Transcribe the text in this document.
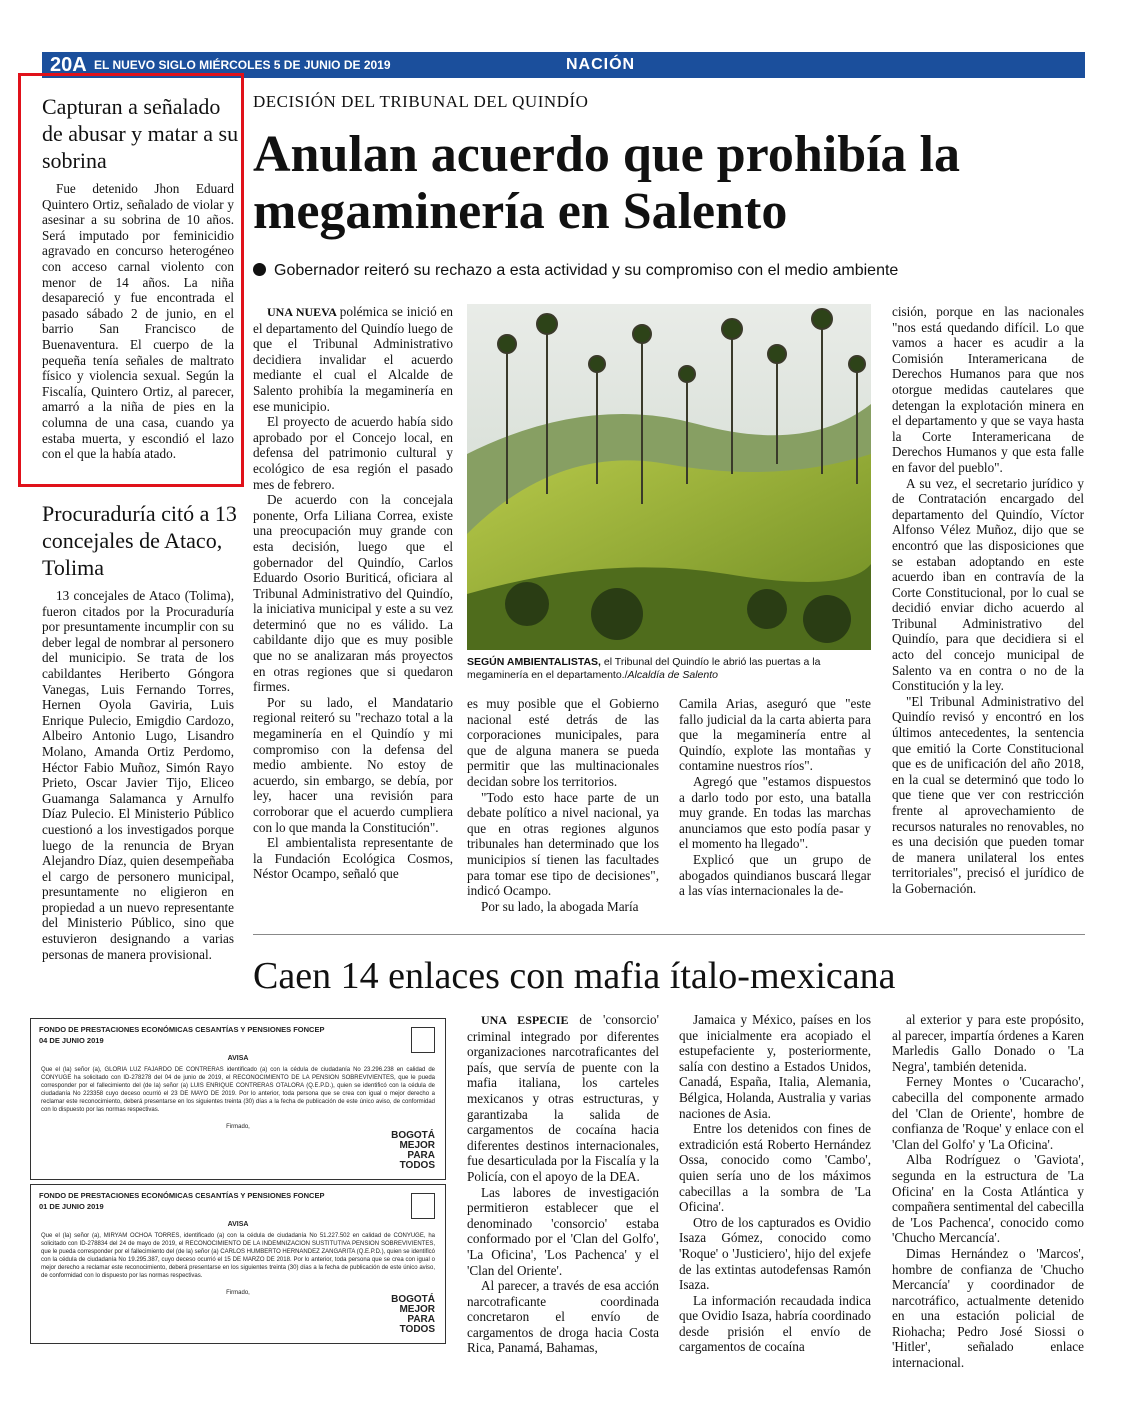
20A EL NUEVO SIGLO MIÉRCOLES 5 DE JUNIO DE 2019	NACIÓN
Capturan a señalado de abusar y matar a su sobrina

Fue detenido Jhon Eduard Quintero Ortiz, señalado de violar y asesinar a su sobrina de 10 años. Será imputado por feminicidio agravado en concurso heterogéneo con acceso carnal violento con menor de 14 años. La niña desapareció y fue encontrada el pasado sábado 2 de junio, en el barrio San Francisco de Buenaventura. El cuerpo de la pequeña tenía señales de maltrato físico y violencia sexual. Según la Fiscalía, Quintero Ortiz, al parecer, amarró a la niña de pies en la columna de una casa, cuando ya estaba muerta, y escondió el lazo con el que la había atado.

Procuraduría citó a 13 concejales de Ataco, Tolima

13 concejales de Ataco (Tolima), fueron citados por la Procuraduría por presuntamente incumplir con su deber legal de nombrar al personero del municipio. Se trata de los cabildantes Heriberto Góngora Vanegas, Luis Fernando Torres, Hernen Oyola Gaviria, Luis Enrique Pulecio, Emigdio Cardozo, Albeiro Antonio Lugo, Lisandro Molano, Amanda Ortiz Perdomo, Héctor Fabio Muñoz, Simón Rayo Prieto, Oscar Javier Tijo, Eliceo Guamanga Salamanca y Arnulfo Díaz Pulecio. El Ministerio Público cuestionó a los investigados porque luego de la renuncia de Bryan Alejandro Díaz, quien desempeñaba el cargo de personero municipal, presuntamente no eligieron en propiedad a un nuevo representante del Ministerio Público, sino que estuvieron designando a varias personas de manera provisional.

DECISIÓN DEL TRIBUNAL DEL QUINDÍO
Anulan acuerdo que prohibía la megaminería en Salento
Gobernador reiteró su rechazo a esta actividad y su compromiso con el medio ambiente

UNA NUEVA polémica se inició en el departamento del Quindío luego de que el Tribunal Administrativo decidiera invalidar el acuerdo mediante el cual el Alcalde de Salento prohibía la megaminería en ese municipio.

El proyecto de acuerdo había sido aprobado por el Concejo local, en defensa del patrimonio cultural y ecológico de esa región el pasado mes de febrero.

De acuerdo con la concejala ponente, Orfa Liliana Correa, existe una preocupación muy grande con esta decisión, luego que el gobernador del Quindío, Carlos Eduardo Osorio Buriticá, oficiara al Tribunal Administrativo del Quindío, la iniciativa municipal y este a su vez determinó que no es válido. La cabildante dijo que es muy posible que no se analizaran más proyectos en otras regiones que si quedaron firmes.

Por su lado, el Mandatario regional reiteró su "rechazo total a la megaminería en el Quindío y mi compromiso con la defensa del medio ambiente. No estoy de acuerdo, sin embargo, se debía, por ley, hacer una revisión para corroborar que el acuerdo cumpliera con lo que manda la Constitución".

El ambientalista representante de la Fundación Ecológica Cosmos, Néstor Ocampo, señaló que

SEGÚN AMBIENTALISTAS, el Tribunal del Quindío le abrió las puertas a la megaminería en el departamento./Alcaldía de Salento

es muy posible que el Gobierno nacional esté detrás de las corporaciones municipales, para que de alguna manera se pueda permitir que las multinacionales decidan sobre los territorios.

"Todo esto hace parte de un debate político a nivel nacional, ya que en otras regiones algunos tribunales han determinado que los municipios sí tienen las facultades para tomar ese tipo de decisiones", indicó Ocampo.

Por su lado, la abogada María

Camila Arias, aseguró que "este fallo judicial da la carta abierta para que la megaminería entre al Quindío, explote las montañas y contamine nuestros ríos".

Agregó que "estamos dispuestos a darlo todo por esto, una batalla muy grande. En todas las marchas anunciamos que esto podía pasar y el momento ha llegado".

Explicó que un grupo de abogados quindianos buscará llegar a las vías internacionales la de-

cisión, porque en las nacionales "nos está quedando difícil. Lo que vamos a hacer es acudir a la Comisión Interamericana de Derechos Humanos para que nos otorgue medidas cautelares que detengan la explotación minera en el departamento y que se vaya hasta la Corte Interamericana de Derechos Humanos y que esta falle en favor del pueblo".

A su vez, el secretario jurídico y de Contratación encargado del departamento del Quindío, Víctor Alfonso Vélez Muñoz, dijo que se encontró que las disposiciones que se estaban adoptando en este acuerdo iban en contravía de la Corte Constitucional, por lo cual se decidió enviar dicho acuerdo al Tribunal Administrativo del Quindío, para que decidiera si el acto del concejo municipal de Salento va en contra o no de la Constitución y la ley.

"El Tribunal Administrativo del Quindío revisó y encontró en los últimos antecedentes, la sentencia que emitió la Corte Constitucional que es de unificación del año 2018, en la cual se determinó que todo lo que tiene que ver con restricción frente al aprovechamiento de recursos naturales no renovables, no es una decisión que pueden tomar de manera unilateral los entes territoriales", precisó el jurídico de la Gobernación.

Caen 14 enlaces con mafia ítalo-mexicana

UNA ESPECIE de 'consorcio' criminal integrado por diferentes organizaciones narcotraficantes del país, que servía de puente con la mafia italiana, los carteles mexicanos y otras estructuras, y garantizaba la salida de cargamentos de cocaína hacia diferentes destinos internacionales, fue desarticulada por la Fiscalía y la Policía, con el apoyo de la DEA.

Las labores de investigación permitieron establecer que el denominado 'consorcio' estaba conformado por el 'Clan del Golfo', 'La Oficina', 'Los Pachenca' y el 'Clan del Oriente'.

Al parecer, a través de esa acción narcotraficante coordinada concretaron el envío de cargamentos de droga hacia Costa Rica, Panamá, Bahamas,

Jamaica y México, países en los que inicialmente era acopiado el estupefaciente y, posteriormente, salía con destino a Estados Unidos, Canadá, España, Italia, Alemania, Bélgica, Holanda, Australia y varias naciones de Asia.

Entre los detenidos con fines de extradición está Roberto Hernández Ossa, conocido como 'Cambo', quien sería uno de los máximos cabecillas a la sombra de 'La Oficina'.

Otro de los capturados es Ovidio Isaza Gómez, conocido como 'Roque' o 'Justiciero', hijo del exjefe de las extintas autodefensas Ramón Isaza.

La información recaudada indica que Ovidio Isaza, habría coordinado desde prisión el envío de cargamentos de cocaína

al exterior y para este propósito, al parecer, impartía órdenes a Karen Marledis Gallo Donado o 'La Negra', también detenida.

Ferney Montes o 'Cucaracho', cabecilla del componente armado del 'Clan de Oriente', hombre de confianza de 'Roque' y enlace con el 'Clan del Golfo' y 'La Oficina'.

Alba Rodríguez o 'Gaviota', segunda en la estructura de 'La Oficina' en la Costa Atlántica y compañera sentimental del cabecilla de 'Los Pachenca', conocido como 'Chucho Mercancía'.

Dimas Hernández o 'Marcos', hombre de confianza de 'Chucho Mercancía' y coordinador de narcotráfico, actualmente detenido en una estación policial de Riohacha; Pedro José Siossi o 'Hitler', señalado enlace internacional.

FONDO DE PRESTACIONES ECONÓMICAS CESANTÍAS Y PENSIONES FONCEP
04 DE JUNIO 2019
AVISA
Que el (la) señor (a), GLORIA LUZ FAJARDO DE CONTRERAS identificado (a) con la cédula de ciudadanía No 23.296.238 en calidad de CONYUGE ha solicitado con ID-278278 del 04 de junio de 2019, el RECONOCIMIENTO DE LA PENSION SOBREVIVIENTES, que le pueda corresponder por el fallecimiento del (de la) señor (a) LUIS ENRIQUE CONTRERAS OTALORA (Q.E.P.D.), quien se identificó con la cédula de ciudadanía No 223358 cuyo deceso ocurrió el 23 DE MAYO DE 2019. Por lo anterior, toda persona que se crea con igual o mejor derecho a reclamar este reconocimiento, deberá presentarse en los siguientes treinta (30) días a la fecha de publicación de este único aviso, de conformidad con lo dispuesto por las normas respectivas.
Firmado,
BOGOTÁ MEJOR PARA TODOS
FONDO DE PRESTACIONES ECONÓMICAS CESANTÍAS Y PENSIONES FONCEP
01 DE JUNIO 2019
AVISA
Que el (la) señor (a), MIRYAM OCHOA TORRES, identificado (a) con la cédula de ciudadanía No 51.227.502 en calidad de CONYUGE, ha solicitado con ID-278834 del 24 de mayo de 2019, el RECONOCIMIENTO DE LA INDEMNIZACION SUSTITUTIVA PENSION SOBREVIVIENTES, que le pueda corresponder por el fallecimiento del (de la) señor (a) CARLOS HUMBERTO HERNANDEZ ZANGARITA (Q.E.P.D.), quien se identificó con la cédula de ciudadanía No 19.295.387, cuyo deceso ocurrió el 15 DE MARZO DE 2018. Por lo anterior, toda persona que se crea con igual o mejor derecho a reclamar este reconocimiento, deberá presentarse en los siguientes treinta (30) días a la fecha de publicación de este único aviso, de conformidad con lo dispuesto por las normas respectivas.
Firmado,
BOGOTÁ MEJOR PARA TODOS
